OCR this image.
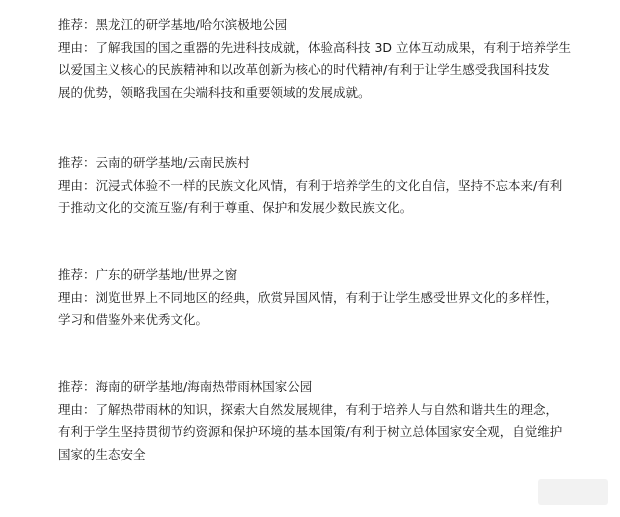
推荐：黑龙江的研学基地/哈尔滨极地公园
理由：了解我国的国之重器的先进科技成就，体验高科技 3D 立体互动成果，有利于培养学生
以爱国主义核心的民族精神和以改革创新为核心的时代精神/有利于让学生感受我国科技发
展的优势，领略我国在尖端科技和重要领域的发展成就。
推荐：云南的研学基地/云南民族村
理由：沉浸式体验不一样的民族文化风情，有利于培养学生的文化自信，坚持不忘本来/有利
于推动文化的交流互鉴/有利于尊重、保护和发展少数民族文化。
推荐：广东的研学基地/世界之窗
理由：浏览世界上不同地区的经典，欣赏异国风情，有利于让学生感受世界文化的多样性，
学习和借鉴外来优秀文化。
推荐：海南的研学基地/海南热带雨林国家公园
理由：了解热带雨林的知识，探索大自然发展规律，有利于培养人与自然和谐共生的理念，
有利于学生坚持贯彻节约资源和保护环境的基本国策/有利于树立总体国家安全观，自觉维护
国家的生态安全
